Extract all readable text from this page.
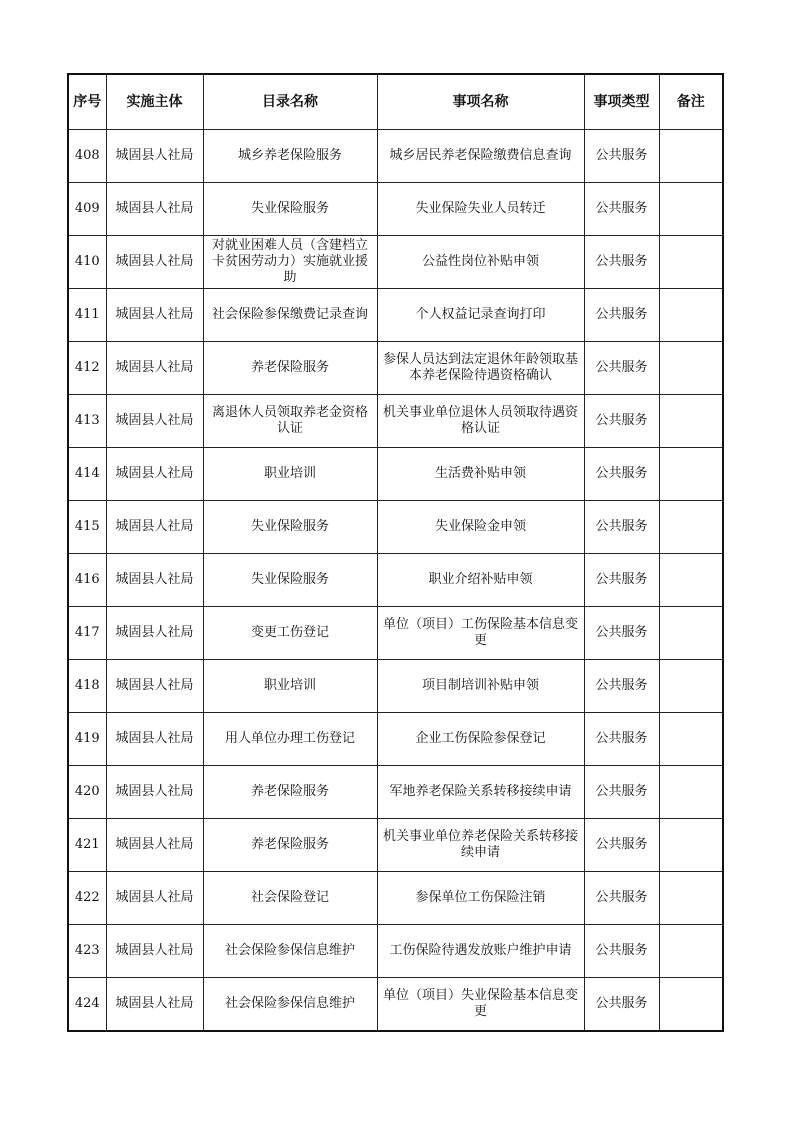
序号	实施主体	目录名称	事项名称	事项类型	备注
408	城固县人社局	城乡养老保险服务	城乡居民养老保险缴费信息查询	公共服务	
409	城固县人社局	失业保险服务	失业保险失业人员转迁	公共服务	
410	城固县人社局	对就业困难人员（含建档立卡贫困劳动力）实施就业援助	公益性岗位补贴申领	公共服务	
411	城固县人社局	社会保险参保缴费记录查询	个人权益记录查询打印	公共服务	
412	城固县人社局	养老保险服务	参保人员达到法定退休年龄领取基本养老保险待遇资格确认	公共服务	
413	城固县人社局	离退休人员领取养老金资格认证	机关事业单位退休人员领取待遇资格认证	公共服务	
414	城固县人社局	职业培训	生活费补贴申领	公共服务	
415	城固县人社局	失业保险服务	失业保险金申领	公共服务	
416	城固县人社局	失业保险服务	职业介绍补贴申领	公共服务	
417	城固县人社局	变更工伤登记	单位（项目）工伤保险基本信息变更	公共服务	
418	城固县人社局	职业培训	项目制培训补贴申领	公共服务	
419	城固县人社局	用人单位办理工伤登记	企业工伤保险参保登记	公共服务	
420	城固县人社局	养老保险服务	军地养老保险关系转移接续申请	公共服务	
421	城固县人社局	养老保险服务	机关事业单位养老保险关系转移接续申请	公共服务	
422	城固县人社局	社会保险登记	参保单位工伤保险注销	公共服务	
423	城固县人社局	社会保险参保信息维护	工伤保险待遇发放账户维护申请	公共服务	
424	城固县人社局	社会保险参保信息维护	单位（项目）失业保险基本信息变更	公共服务	
